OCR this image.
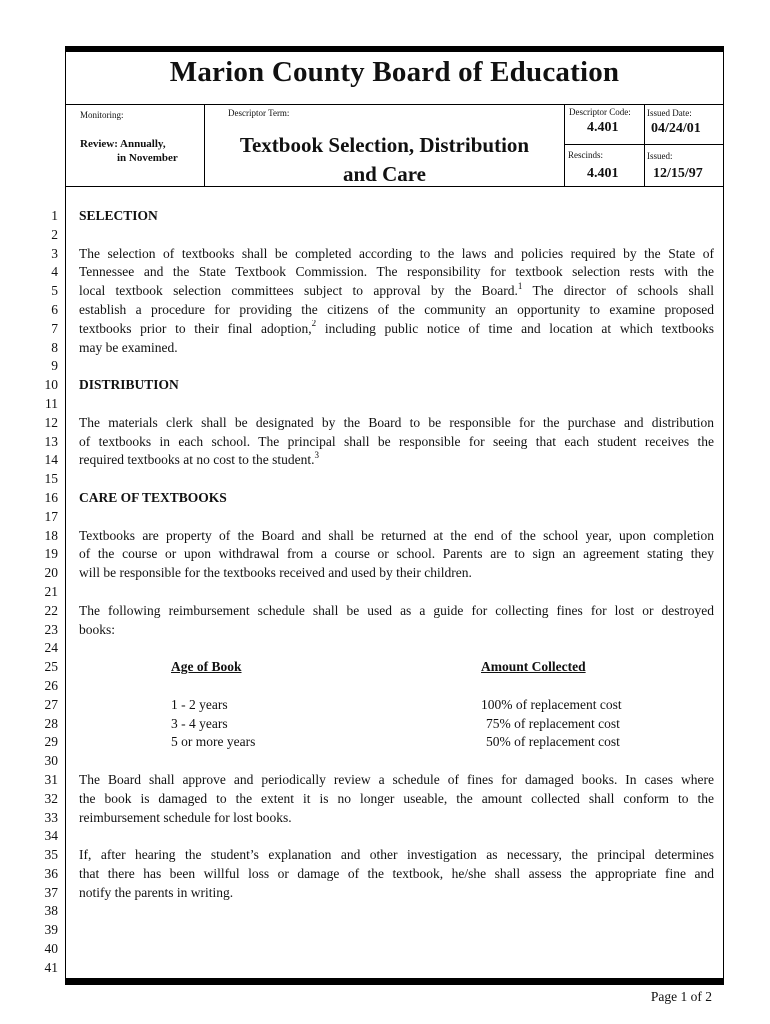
Marion County Board of Education
Monitoring:
Review: Annually,
in November
Descriptor Term:
Textbook Selection, Distribution
and Care
Descriptor Code:
4.401
Issued Date:
04/24/01
Rescinds:
4.401
Issued:
12/15/97
1
2
3
4
5
6
7
8
9
10
11
12
13
14
15
16
17
18
19
20
21
22
23
24
25
26
27
28
29
30
31
32
33
34
35
36
37
38
39
40
41
SELECTION
The selection of textbooks shall be completed according to the laws and policies required by the State of
Tennessee and the State Textbook Commission. The responsibility for textbook selection rests with the
local textbook selection committees subject to approval by the Board.$^1$ The director of schools shall
establish a procedure for providing the citizens of the community an opportunity to examine proposed
textbooks prior to their final adoption,$^2$ including public notice of time and location at which textbooks
may be examined.
DISTRIBUTION
The materials clerk shall be designated by the Board to be responsible for the purchase and distribution
of textbooks in each school. The principal shall be responsible for seeing that each student receives the
required textbooks at no cost to the student.$^3$
CARE OF TEXTBOOKS
Textbooks are property of the Board and shall be returned at the end of the school year, upon completion
of the course or upon withdrawal from a course or school. Parents are to sign an agreement stating they
will be responsible for the textbooks received and used by their children.
The following reimbursement schedule shall be used as a guide for collecting fines for lost or destroyed
books:
Age of Book	Amount Collected
1 - 2 years	100% of replacement cost
3 - 4 years	75% of replacement cost
5 or more years	50% of replacement cost
The Board shall approve and periodically review a schedule of fines for damaged books. In cases where
the book is damaged to the extent it is no longer useable, the amount collected shall conform to the
reimbursement schedule for lost books.
If, after hearing the student’s explanation and other investigation as necessary, the principal determines
that there has been willful loss or damage of the textbook, he/she shall assess the appropriate fine and
notify the parents in writing.
Page 1 of 2
